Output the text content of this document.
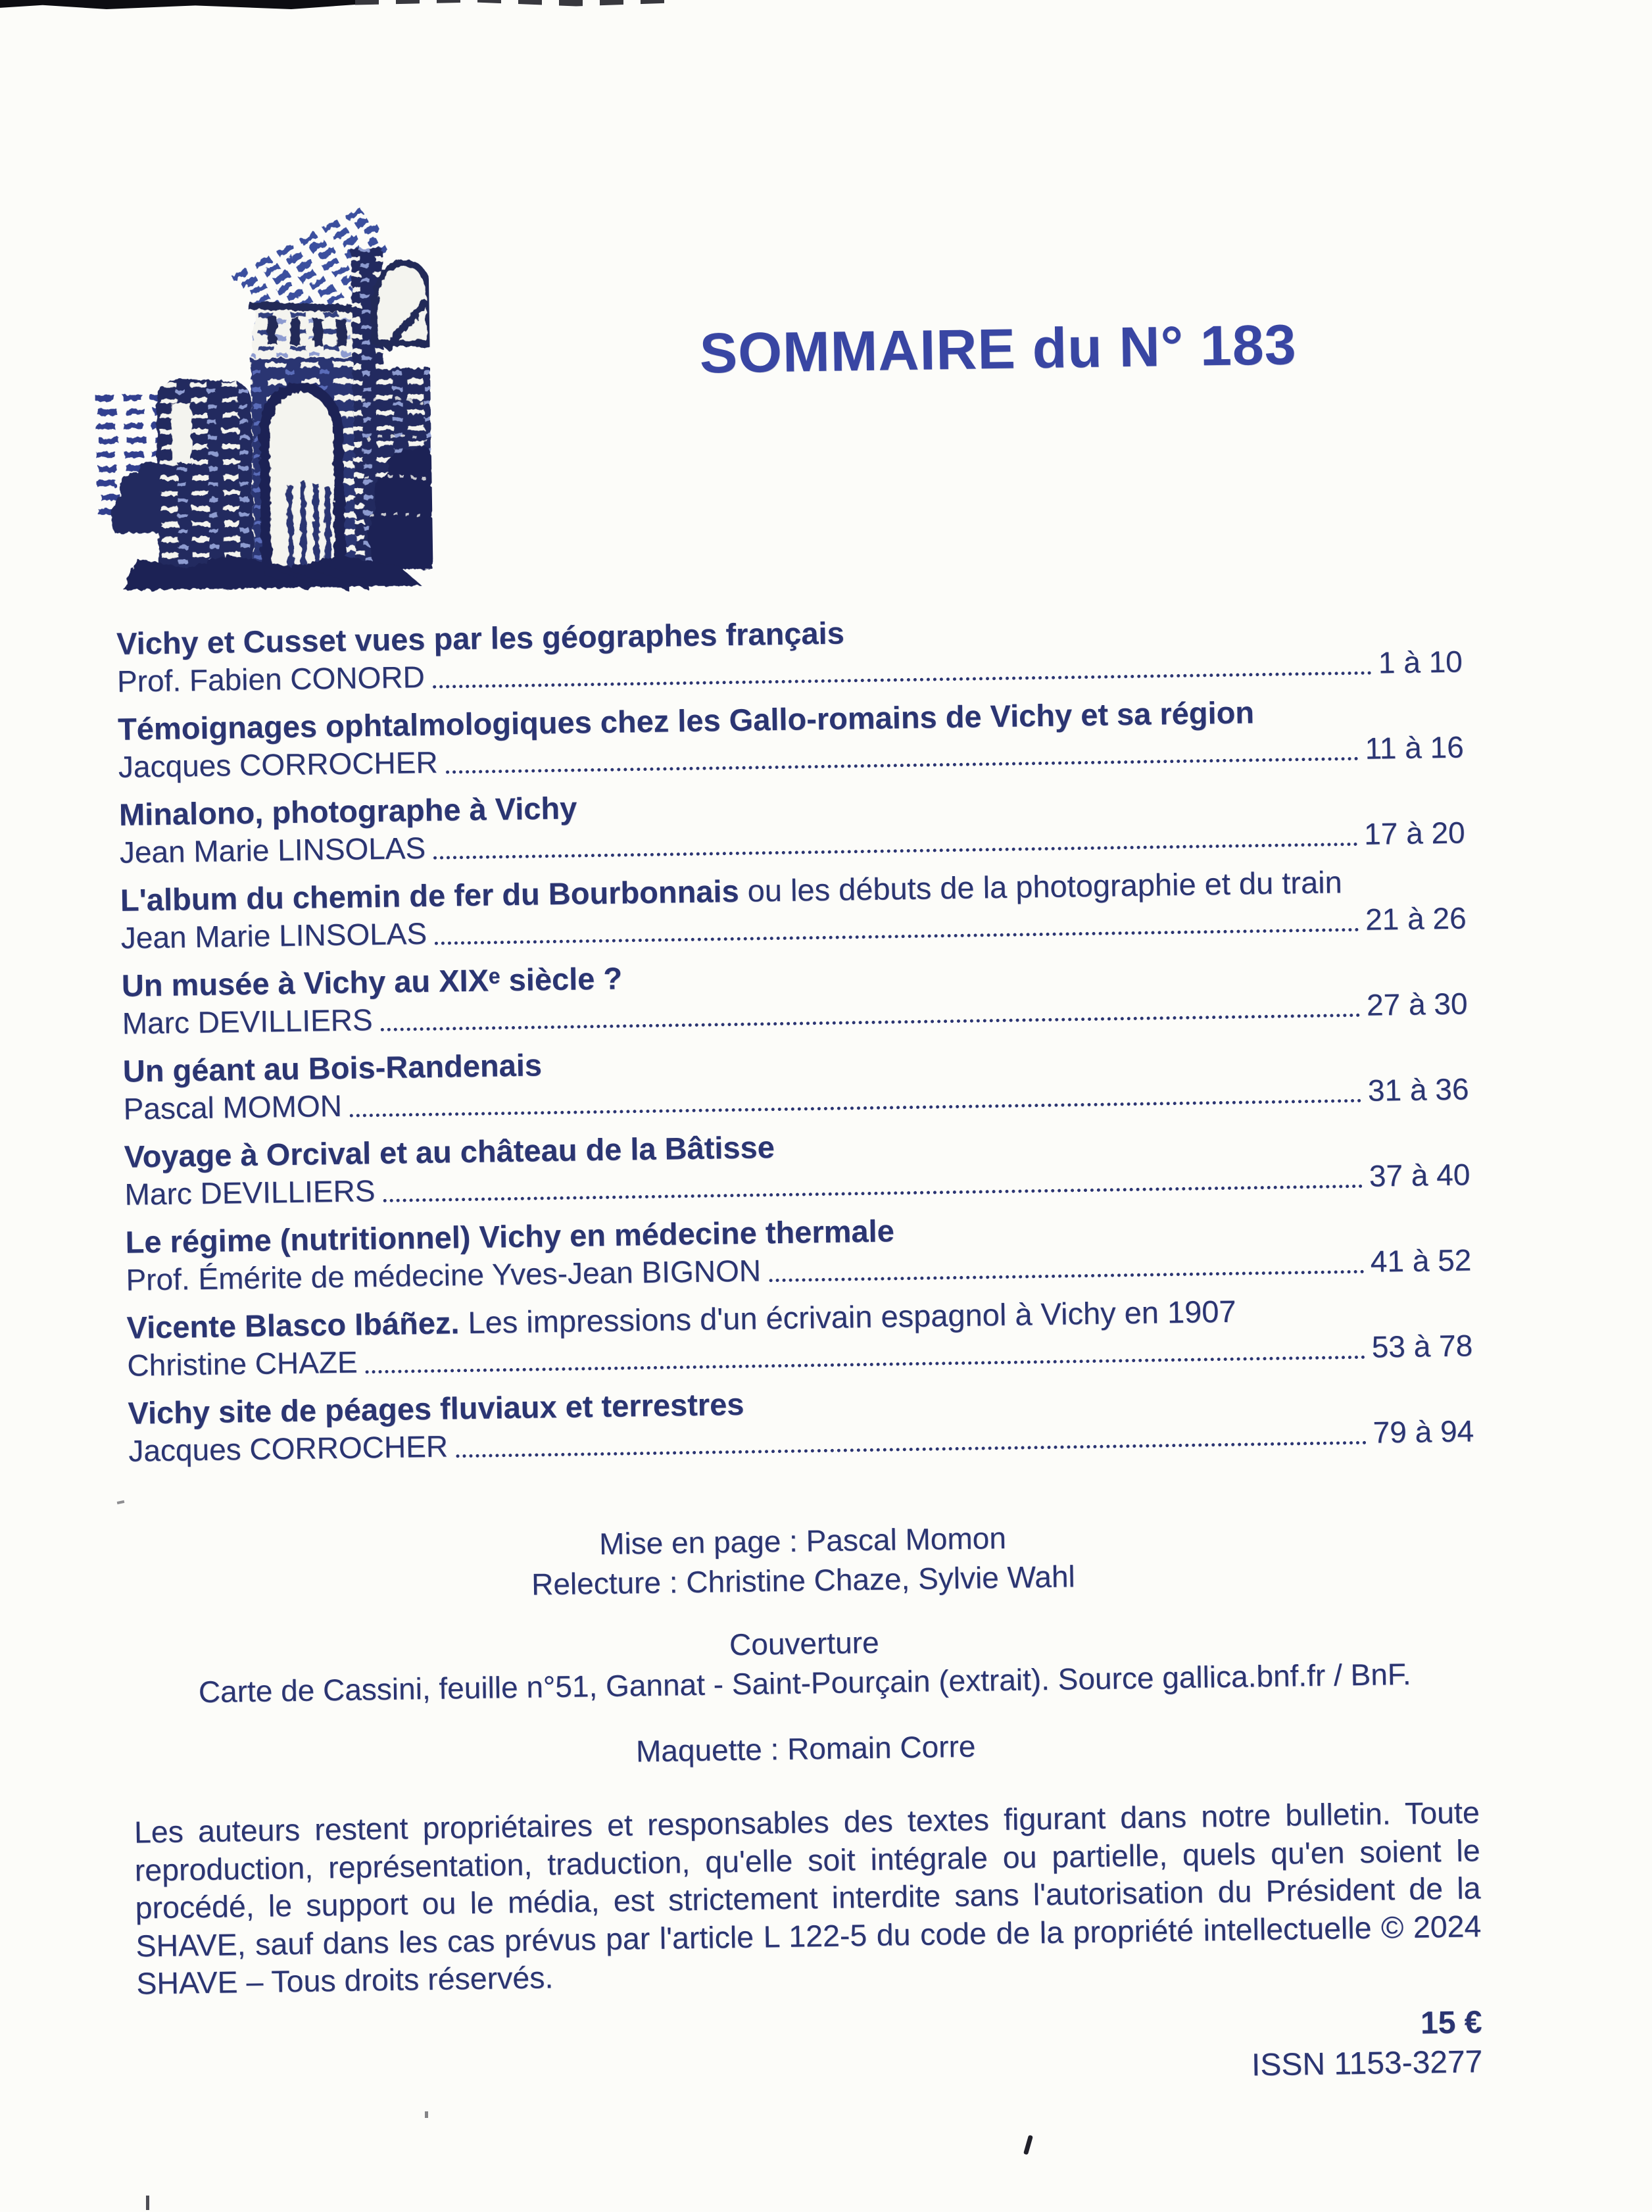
SOMMAIRE du N° 183
Vichy et Cusset vues par les géographes français
Prof. Fabien CONORD	1 à 10
Témoignages ophtalmologiques chez les Gallo-romains de Vichy et sa région
Jacques CORROCHER	11 à 16
Minalono, photographe à Vichy
Jean Marie LINSOLAS	17 à 20
L'album du chemin de fer du Bourbonnais ou les débuts de la photographie et du train
Jean Marie LINSOLAS	21 à 26
Un musée à Vichy au XIXᵉ siècle ?
Marc DEVILLIERS	27 à 30
Un géant au Bois-Randenais
Pascal MOMON	31 à 36
Voyage à Orcival et au château de la Bâtisse
Marc DEVILLIERS	37 à 40
Le régime (nutritionnel) Vichy en médecine thermale
Prof. Émérite de médecine Yves-Jean BIGNON	41 à 52
Vicente Blasco Ibáñez. Les impressions d'un écrivain espagnol à Vichy en 1907
Christine CHAZE	53 à 78
Vichy site de péages fluviaux et terrestres
Jacques CORROCHER	79 à 94
Mise en page : Pascal Momon
Relecture : Christine Chaze, Sylvie Wahl
Couverture
Carte de Cassini, feuille n°51, Gannat - Saint-Pourçain (extrait). Source gallica.bnf.fr / BnF.
Maquette : Romain Corre
Les auteurs restent propriétaires et responsables des textes figurant dans notre bulletin. Toute reproduction, représentation, traduction, qu'elle soit intégrale ou partielle, quels qu'en soient le procédé, le support ou le média, est strictement interdite sans l'autorisation du Président de la SHAVE, sauf dans les cas prévus par l'article L 122-5 du code de la propriété intellectuelle © 2024 SHAVE – Tous droits réservés.
15 €
ISSN 1153-3277
